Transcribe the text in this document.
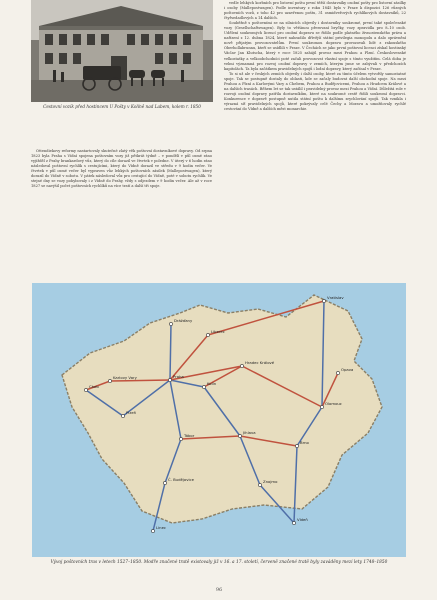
Cestovní vozík před hostincem U Pošty v Kolíně nad Labem, kolem r. 1850

Ottendiekovy reformy nastartovaly skutečné zlatý věk poštovní dostavníkové dopravy. Od srpna 1823 byla Praha s Vídní spojena poštovním vozy již pětkrát týdně – v pondělí v půl osmé ráno vyjížděl z Prahy brankardový vůz, který do cíle dorazil ve čtvrtek v poledne. V úterý v 6 hodin ráno následoval poštovní rychlík s cestujícími, který do Vídně dorazil ve středu v 9 hodin večer. Ve čtvrtek v půl osmé večer byl vypraven vůz lehkých poštovních zásilek (Mallepostwagen), který dorazil do Vídně v sobotu. V pátek následoval vůz pro cestující do Vídně, poté v sobotu rychlík. Ve stejné dny se vozy pohybovaly i z Vídně do Prahy, vždy s odjezdem v 9 hodin večer. Ale až v roce 1827 se navýšil počet poštovních rychlíků na více tratí a další tři spoje.

vedle lehkých korbních pro listovní poštu první těžší dostavníky osobní pošty pro listovní zásilky i osoby (Mallepostwagen). Podle inventury z roku 1845 bylo v Praze k dispozici 126 různých poštovních vozů, z toho 42 pro uzavřenou poštu, 31 osmidveřových rychlíkových dostavníků, 22 čtyřsedadlových a 14 dalších.

Souběžně s poštovními se na silnicích objevily i dostavníky soukromé, první také společenské vozy (Gesellschaftswagen). Byly to většinou přerovaní bryčky, vozy zpravidla pro 8–10 osob. Udělení soukromých licencí pro osobní dopravu se řídilo podle platného živnostenského práva a nařízení z 12. dubna 1824, které nahradilo dřívější státní privilegia monopolu a dalo oprávnění nově přijatým provozovatelům. První soukromou dopravu provozovali lidé z rakouského Oberhollabrunnu, kteří se usídlili v Praze. V Čechách se jako první poštovní licenci získal hostinský Václav Jan Klutscha, který v roce 1825 zahájil provoz mezi Prahou a Plzní. Československé velkostatky a velkoobchodníci poté začali provozovat vlastní spoje s tímto využitím. Celá doba je velmi významná pro rozvoj osobní dopravy v zemích, kterým jsme se zabývali v předchozích kapitolách. Ta byla začátkem pravidelných spojů i lodní dopravy, který začínal v Praze.

To si už ale v českých zemích objevily i další osoby, které za tímto účelem vytvořily samostatné spoje. Tak se postupně dostaly do oblasti, kde se začaly budovat další obchodní spoje. Na mezi Prahou a Plzní a Karlovými Vary a Chebem, Prahou a Budějovicemi, Prahou a Hradcem Králové a na dalších trasách. Během let se tak ustálil i pravidelný provoz mezi Prahou a Vídní. Důležitá role v rozvoji osobní dopravy patřila dostavníkům, které na soukromé cestě řídili soukromí dopravci. Konkurence v dopravě postupně nutila státní poštu k dalšímu zrychlování spojů. Tak vznikla i výrazná síť pravidelných spojů, které pokrývaly celé Čechy a Moravu a umožňovaly rychlé cestování do Vídně a dalších měst monarchie.

Drážďany
Liberec
Vratislav
Cheb
Karlovy Vary	Praha
Hradec Králové
Kolín
Plzeň
Olomouc
Opava
Brno
Jihlava
Tábor
Č. Budějovice	Znojmo
Vídeň
Linec
Vývoj poštovních tras v letech 1527–1850. Modře značené tratě existovaly již v 16. a 17. století, červeně značené tratě byly zaváděny mezi lety 1748–1850
96
